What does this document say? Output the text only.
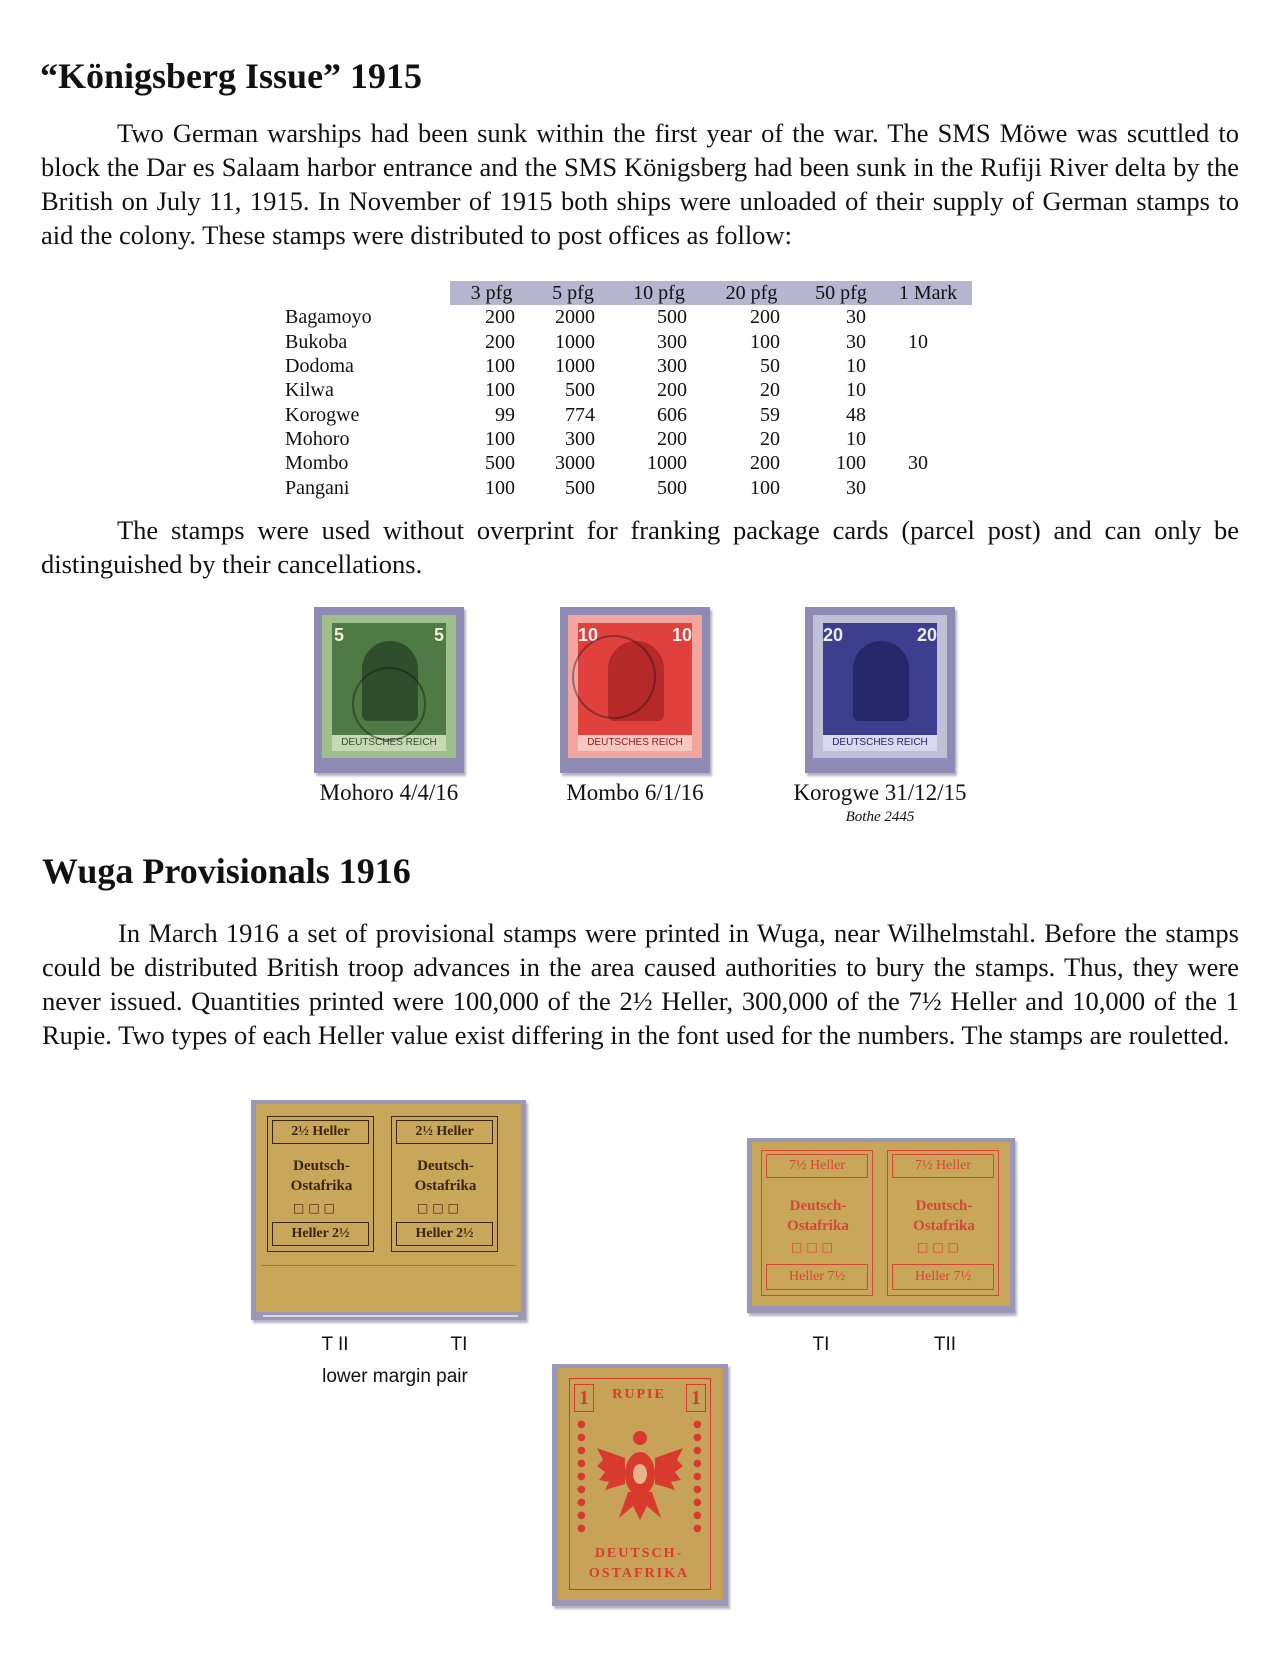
“Königsberg Issue” 1915

Two German warships had been sunk within the first year of the war. The SMS Möwe was scuttled to block the Dar es Salaam harbor entrance and the SMS Königsberg had been sunk in the Rufiji River delta by the British on July 11, 1915. In November of 1915 both ships were unloaded of their supply of German stamps to aid the colony. These stamps were distributed to post offices as follow:

	3 pfg	5 pfg	10 pfg	20 pfg	50 pfg	1 Mark
Bagamoyo	200	2000	500	200	30	
Bukoba	200	1000	300	100	30	10
Dodoma	100	1000	300	50	10	
Kilwa	100	500	200	20	10	
Korogwe	99	774	606	59	48	
Mohoro	100	300	200	20	10	
Mombo	500	3000	1000	200	100	30
Pangani	100	500	500	100	30	

The stamps were used without overprint for franking package cards (parcel post) and can only be distinguished by their cancellations.

5	5
DEUTSCHES REICH
Mohoro 4/4/16
10	10
DEUTSCHES REICH
Mombo 6/1/16
20	20
DEUTSCHES REICH
Korogwe 31/12/15
Bothe 2445
Wuga Provisionals 1916

In March 1916 a set of provisional stamps were printed in Wuga, near Wilhelmstahl. Before the stamps could be distributed British troop advances in the area caused authorities to bury the stamps. Thus, they were never issued. Quantities printed were 100,000 of the 2½ Heller, 300,000 of the 7½ Heller and 10,000 of the 1 Rupie. Two types of each Heller value exist differing in the font used for the numbers. The stamps are rouletted.

2½ Heller
Deutsch-
Ostafrika
□□□
Heller 2½
2½ Heller
Deutsch-
Ostafrika
□□□
Heller 2½
T II	TI
lower margin pair
7½ Heller
Deutsch-
Ostafrika
□□□
Heller 7½
7½ Heller
Deutsch-
Ostafrika
□□□
Heller 7½
TI	TII
1	1
RUPIE
●
●
●
●
●
●
●
●
●
●
●
●
●
●
●
●
●
●
DEUTSCH-
OSTAFRIKA
